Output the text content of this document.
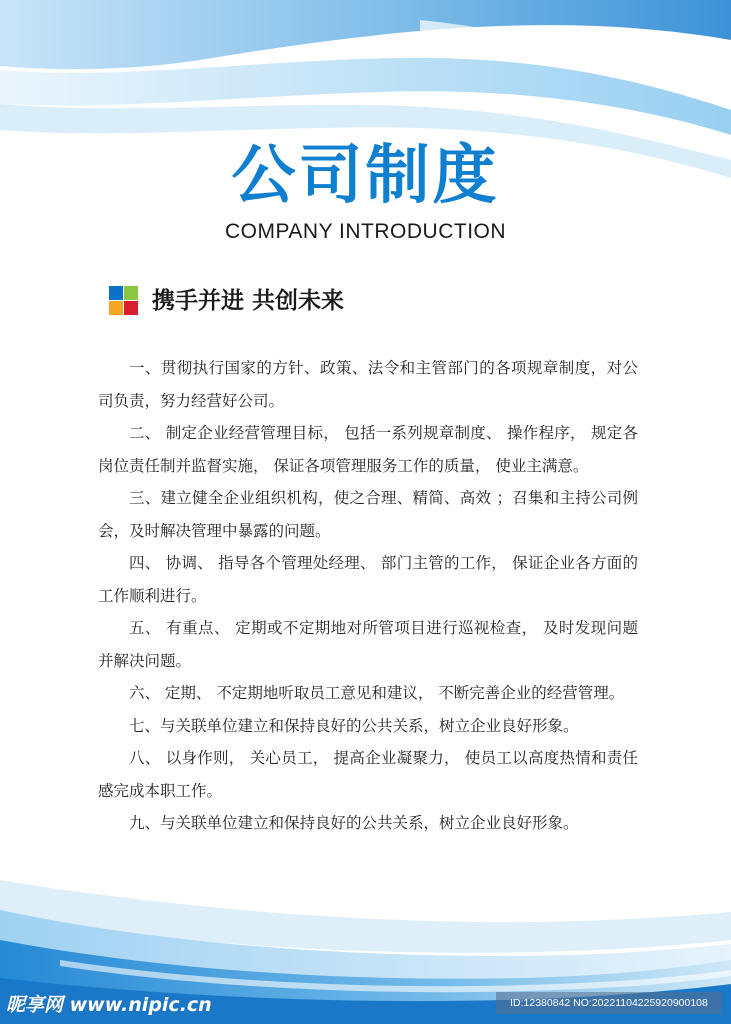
公司制度
COMPANY INTRODUCTION
携手并进 共创未来

一、贯彻执行国家的方针、政策、法令和主管部门的各项规章制度，对公司负责，努力经营好公司。

二、 制定企业经营管理目标， 包括一系列规章制度、 操作程序， 规定各岗位责任制并监督实施， 保证各项管理服务工作的质量， 使业主满意。

三、建立健全企业组织机构，使之合理、精简、高效 ；召集和主持公司例会，及时解决管理中暴露的问题。

四、 协调、 指导各个管理处经理、 部门主管的工作， 保证企业各方面的工作顺利进行。

五、 有重点、 定期或不定期地对所管项目进行巡视检查， 及时发现问题并解决问题。

六、 定期、 不定期地听取员工意见和建议， 不断完善企业的经营管理。

七、与关联单位建立和保持良好的公共关系，树立企业良好形象。

八、 以身作则， 关心员工， 提高企业凝聚力， 使员工以高度热情和责任感完成本职工作。

九、与关联单位建立和保持良好的公共关系，树立企业良好形象。

昵享网 www.nipic.cn	ID:12380842 NO:20221104225920900108
